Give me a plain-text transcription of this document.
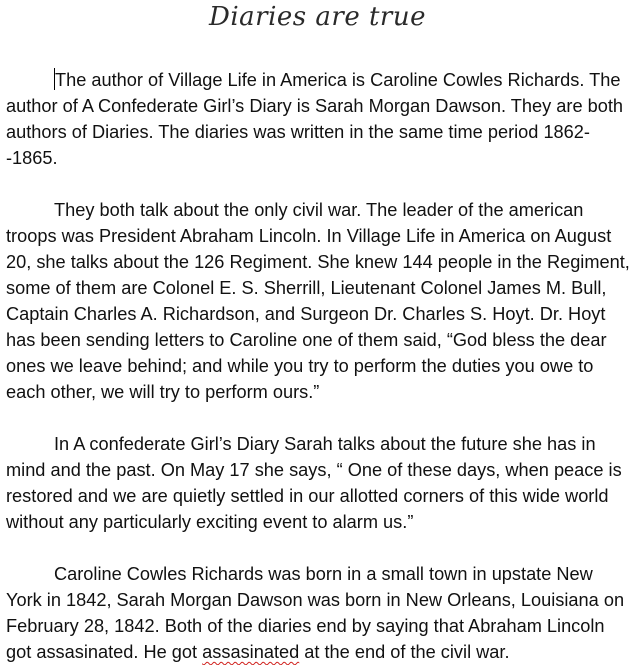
Diaries are true

The author of Village Life in America is Caroline Cowles Richards. The author of A Confederate Girl’s Diary is Sarah Morgan Dawson. They are both authors of Diaries. The diaries was written in the same time period 1862--1865.

They both talk about the only civil war. The leader of the american troops was President Abraham Lincoln. In Village Life in America on August 20, she talks about the 126 Regiment. She knew 144 people in the Regiment, some of them are Colonel E. S. Sherrill, Lieutenant Colonel James M. Bull, Captain Charles A. Richardson, and Surgeon Dr. Charles S. Hoyt. Dr. Hoyt has been sending letters to Caroline one of them said, “God bless the dear ones we leave behind; and while you try to perform the duties you owe to each other, we will try to perform ours.”

In A confederate Girl’s Diary Sarah talks about the future she has in mind and the past. On May 17 she says, “ One of these days, when peace is restored and we are quietly settled in our allotted corners of this wide world without any particularly exciting event to alarm us.”

Caroline Cowles Richards was born in a small town in upstate New York in 1842, Sarah Morgan Dawson was born in New Orleans, Louisiana on February 28, 1842. Both of the diaries end by saying that Abraham Lincoln got assasinated. He got assasinated at the end of the civil war.
